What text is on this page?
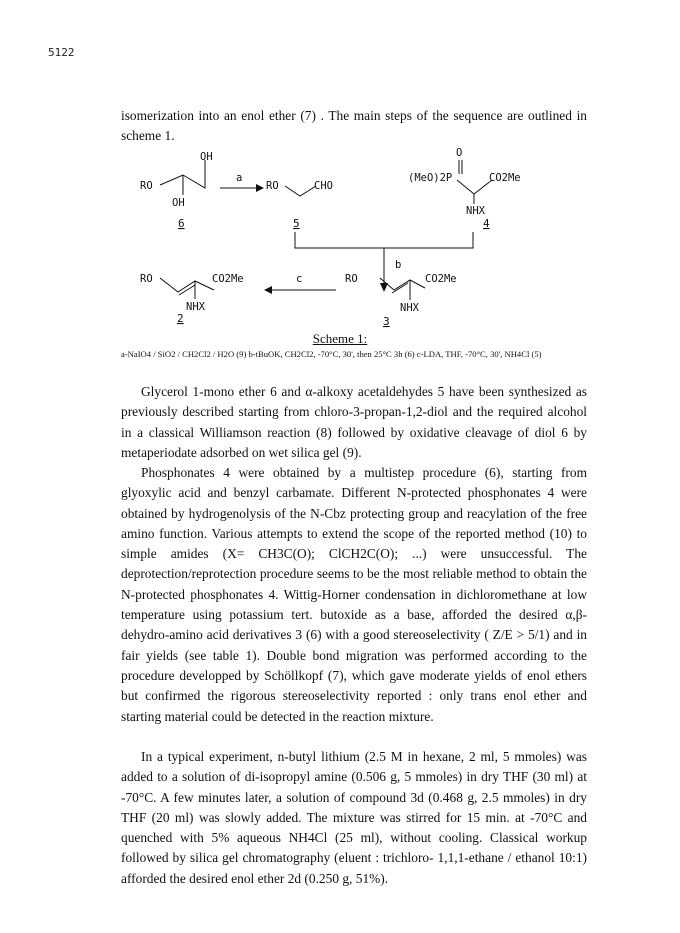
5122

isomerization into an enol ether (7) . The main steps of the sequence are outlined in scheme 1.

OH
RO
OH
6
a
RO	CHO
5
O
(MeO)2P	CO2Me
NHX
4
b
RO	CO2Me
NHX
3
c
RO	CO2Me
NHX
2
Scheme 1:
a-NaIO4 / SiO2 / CH2Cl2 / H2O (9) b-tBuOK, CH2Cl2, -70°C, 30', then 25°C 3h (6) c-LDA, THF, -70°C, 30', NH4Cl (5)

Glycerol 1-mono ether 6 and α-alkoxy acetaldehydes 5 have been synthesized as previously described starting from chloro-3-propan-1,2-diol and the required alcohol in a classical Williamson reaction (8) followed by oxidative cleavage of diol 6 by metaperiodate adsorbed on wet silica gel (9).

Phosphonates 4 were obtained by a multistep procedure (6), starting from glyoxylic acid and benzyl carbamate. Different N-protected phosphonates 4 were obtained by hydrogenolysis of the N-Cbz protecting group and reacylation of the free amino function. Various attempts to extend the scope of the reported method (10) to simple amides (X= CH3C(O); ClCH2C(O); ...) were unsuccessful. The deprotection/reprotection procedure seems to be the most reliable method to obtain the N-protected phosphonates 4. Wittig-Horner condensation in dichloromethane at low temperature using potassium tert. butoxide as a base, afforded the desired α,β-dehydro-amino acid derivatives 3 (6) with a good stereoselectivity ( Z/E > 5/1) and in fair yields (see table 1). Double bond migration was performed according to the procedure developped by Schöllkopf (7), which gave moderate yields of enol ethers but confirmed the rigorous stereoselectivity reported : only trans enol ether and starting material could be detected in the reaction mixture.

In a typical experiment, n-butyl lithium (2.5 M in hexane, 2 ml, 5 mmoles) was added to a solution of di-isopropyl amine (0.506 g, 5 mmoles) in dry THF (30 ml) at -70°C. A few minutes later, a solution of compound 3d (0.468 g, 2.5 mmoles) in dry THF (20 ml) was slowly added. The mixture was stirred for 15 min. at -70°C and quenched with 5% aqueous NH4Cl (25 ml), without cooling. Classical workup followed by silica gel chromatography (eluent : trichloro- 1,1,1-ethane / ethanol 10:1) afforded the desired enol ether 2d (0.250 g, 51%).
